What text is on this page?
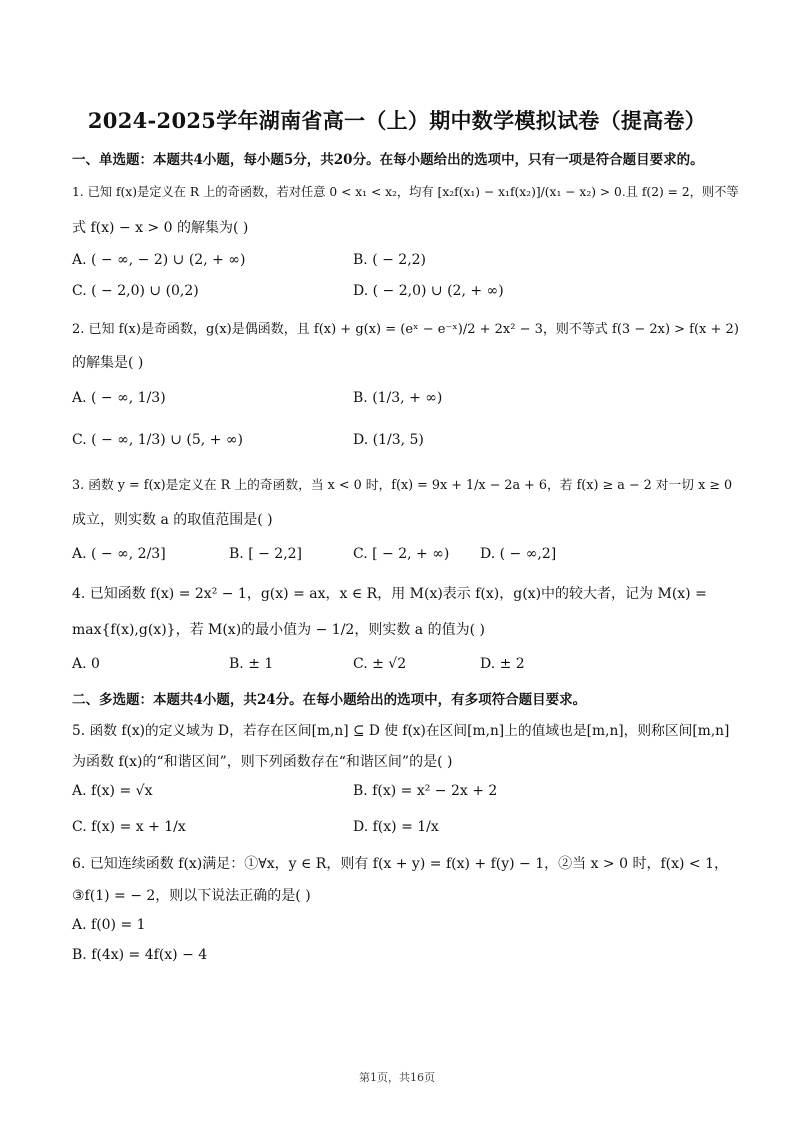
2024-2025学年湖南省高一（上）期中数学模拟试卷（提高卷）
一、单选题：本题共4小题，每小题5分，共20分。在每小题给出的选项中，只有一项是符合题目要求的。
1. 已知 f(x)是定义在 R 上的奇函数，若对任意 0 < x₁ < x₂，均有 [x₂f(x₁) − x₁f(x₂)]/(x₁ − x₂) > 0.且 f(2) = 2，则不等
式 f(x) − x > 0 的解集为( )
A. ( − ∞, − 2) ∪ (2, + ∞)	B. ( − 2,2)
C. ( − 2,0) ∪ (0,2)	D. ( − 2,0) ∪ (2, + ∞)
2. 已知 f(x)是奇函数，g(x)是偶函数，且 f(x) + g(x) = (eˣ − e⁻ˣ)/2 + 2x² − 3，则不等式 f(3 − 2x) > f(x + 2)
的解集是( )
A. ( − ∞, 1/3)	B. (1/3, + ∞)
C. ( − ∞, 1/3) ∪ (5, + ∞)	D. (1/3, 5)
3. 函数 y = f(x)是定义在 R 上的奇函数，当 x < 0 时，f(x) = 9x + 1/x − 2a + 6，若 f(x) ≥ a − 2 对一切 x ≥ 0
成立，则实数 a 的取值范围是( )
A. ( − ∞, 2/3]	B. [ − 2,2]	C. [ − 2, + ∞) D. ( − ∞,2]
4. 已知函数 f(x) = 2x² − 1，g(x) = ax，x ∈ R，用 M(x)表示 f(x)，g(x)中的较大者，记为 M(x) =
max{f(x),g(x)}，若 M(x)的最小值为 − 1/2，则实数 a 的值为( )
A. 0	B. ± 1	C. ± √2	D. ± 2
二、多选题：本题共4小题，共24分。在每小题给出的选项中，有多项符合题目要求。
5. 函数 f(x)的定义域为 D，若存在区间[m,n] ⊆ D 使 f(x)在区间[m,n]上的值域也是[m,n]，则称区间[m,n]
为函数 f(x)的“和谐区间”，则下列函数存在“和谐区间”的是( )
A. f(x) = √x	B. f(x) = x² − 2x + 2
C. f(x) = x + 1/x	D. f(x) = 1/x
6. 已知连续函数 f(x)满足：①∀x，y ∈ R，则有 f(x + y) = f(x) + f(y) − 1，②当 x > 0 时，f(x) < 1，
③f(1) = − 2，则以下说法正确的是( )
A. f(0) = 1
B. f(4x) = 4f(x) − 4
第1页，共16页
